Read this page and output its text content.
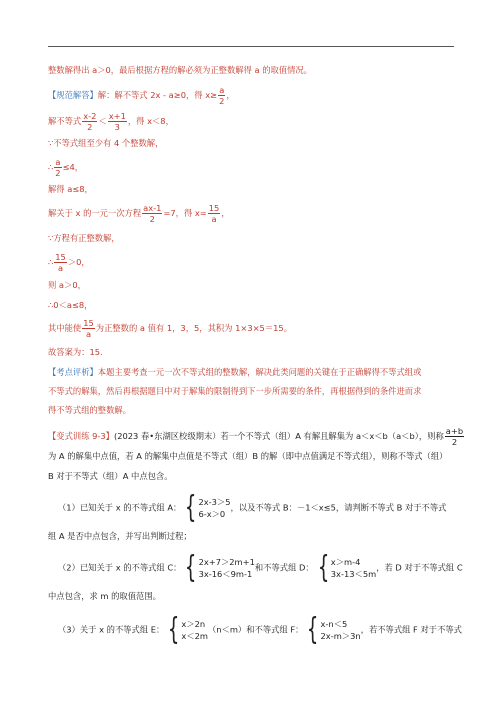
整数解得出 a＞0，最后根据方程的解必须为正整数解得 a 的取值情况。
【规范解答】解：解不等式 2x - a≥0，得 $x\ge \frac{a}{2}$ ，
解不等式 $\frac{x-2}{2} < \frac{x+1}{3}$ ，得 x＜8，
∵不等式组至少有 4 个整数解，
∴ $\frac{a}{2} \le 4$，
解得 a≤8，
解关于 x 的一元一次方程 $\frac{ax-1}{2} =7$，得 $x= \frac{15}{a}$ ，
∵方程有正整数解，
∴ $\frac{15}{a} >0$，
则 a＞0，
∴0＜a≤8，
其中能使 $\frac{15}{a}$ 为正整数的 a 值有 1，3，5，其积为 1×3×5＝15。
故答案为：15.
【考点评析】本题主要考查一元一次不等式组的整数解，解决此类问题的关键在于正确解得不等式组或
不等式的解集，然后再根据题目中对于解集的限制得到下一步所需要的条件，再根据得到的条件进而求
得不等式组的整数解。
【变式训练 9-3】(2023 春•东湖区校级期末）若一个不等式（组）A 有解且解集为 a＜x＜b（a＜b），则称 $\frac{a+b}{2}$
为 A 的解集中点值，若 A 的解集中点值是不等式（组）B 的解（即中点值满足不等式组），则称不等式（组）
B 对于不等式（组）A 中点包含。
（1）已知关于 x 的不等式组 A： { 2x-3＞5
6-x＞0
，以及不等式 B：－1＜x≤5，请判断不等式 B 对于不等式
组 A 是否中点包含，并写出判断过程；
（2）已知关于 x 的不等式组 C： { 2x+7＞2m+1
3x-16＜9m-1
和不等式组 D： { x＞m-4
3x-13＜5m
，若 D 对于不等式组 C
中点包含，求 m 的取值范围。
（3）关于 x 的不等式组 E： { x＞2n
x＜2m
（n＜m）和不等式组 F： { x-n＜5
2x-m＞3n
，若不等式组 F 对于不等式
